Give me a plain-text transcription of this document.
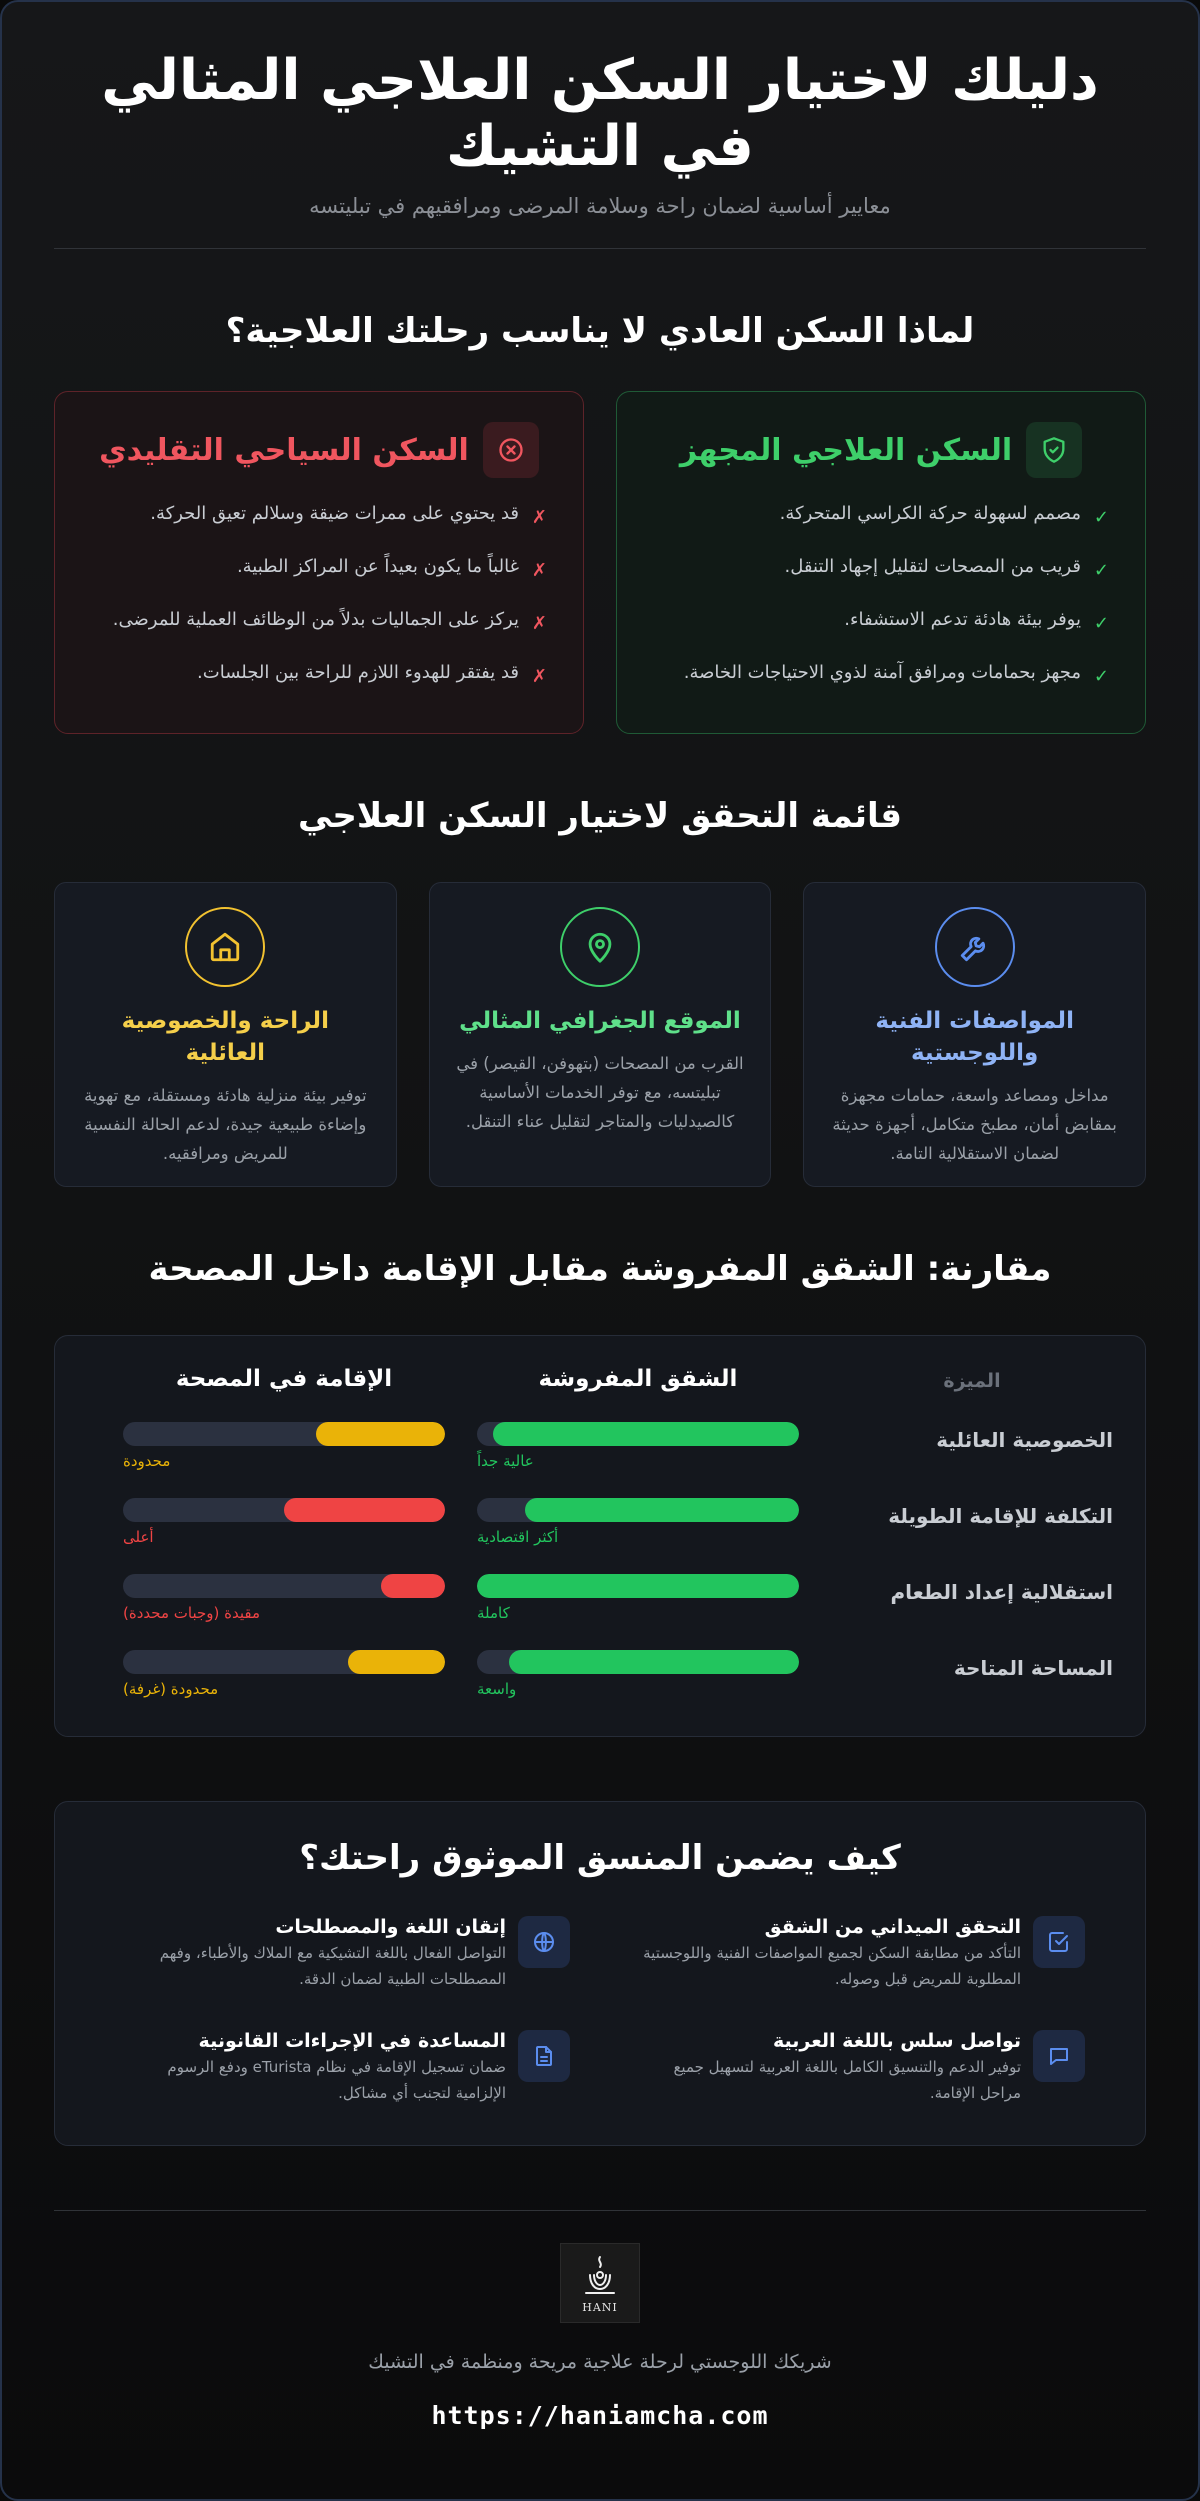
دليلك لاختيار السكن العلاجي المثالي في التشيك
معايير أساسية لضمان راحة وسلامة المرضى ومرافقيهم في تبليتسه
لماذا السكن العادي لا يناسب رحلتك العلاجية؟
السكن العلاجي المجهز
✓
مصمم لسهولة حركة الكراسي المتحركة.
✓
قريب من المصحات لتقليل إجهاد التنقل.
✓
يوفر بيئة هادئة تدعم الاستشفاء.
✓
مجهز بحمامات ومرافق آمنة لذوي الاحتياجات الخاصة.
السكن السياحي التقليدي
✗
قد يحتوي على ممرات ضيقة وسلالم تعيق الحركة.
✗
غالباً ما يكون بعيداً عن المراكز الطبية.
✗
يركز على الجماليات بدلاً من الوظائف العملية للمرضى.
✗
قد يفتقر للهدوء اللازم للراحة بين الجلسات.
قائمة التحقق لاختيار السكن العلاجي
المواصفات الفنية واللوجستية
مداخل ومصاعد واسعة، حمامات مجهزة بمقابض أمان، مطبخ متكامل، أجهزة حديثة لضمان الاستقلالية التامة.
الموقع الجغرافي المثالي
القرب من المصحات (بتهوفن، القيصر) في تبليتسه، مع توفر الخدمات الأساسية كالصيدليات والمتاجر لتقليل عناء التنقل.
الراحة والخصوصية العائلية
توفير بيئة منزلية هادئة ومستقلة، مع تهوية وإضاءة طبيعية جيدة، لدعم الحالة النفسية للمريض ومرافقيه.
مقارنة: الشقق المفروشة مقابل الإقامة داخل المصحة
الميزة
الشقق المفروشة
الإقامة في المصحة
الخصوصية العائلية
عالية جداً
محدودة
التكلفة للإقامة الطويلة
أكثر اقتصادية
أعلى
استقلالية إعداد الطعام
كاملة
مقيدة (وجبات محددة)
المساحة المتاحة
واسعة
محدودة (غرفة)
كيف يضمن المنسق الموثوق راحتك؟
التحقق الميداني من الشقق
التأكد من مطابقة السكن لجميع المواصفات الفنية واللوجستية المطلوبة للمريض قبل وصوله.
إتقان اللغة والمصطلحات
التواصل الفعال باللغة التشيكية مع الملاك والأطباء، وفهم المصطلحات الطبية لضمان الدقة.
تواصل سلس باللغة العربية
توفير الدعم والتنسيق الكامل باللغة العربية لتسهيل جميع مراحل الإقامة.
المساعدة في الإجراءات القانونية
ضمان تسجيل الإقامة في نظام eTurista ودفع الرسوم الإلزامية لتجنب أي مشاكل.
HANI
شريكك اللوجستي لرحلة علاجية مريحة ومنظمة في التشيك
https://haniamcha.com
